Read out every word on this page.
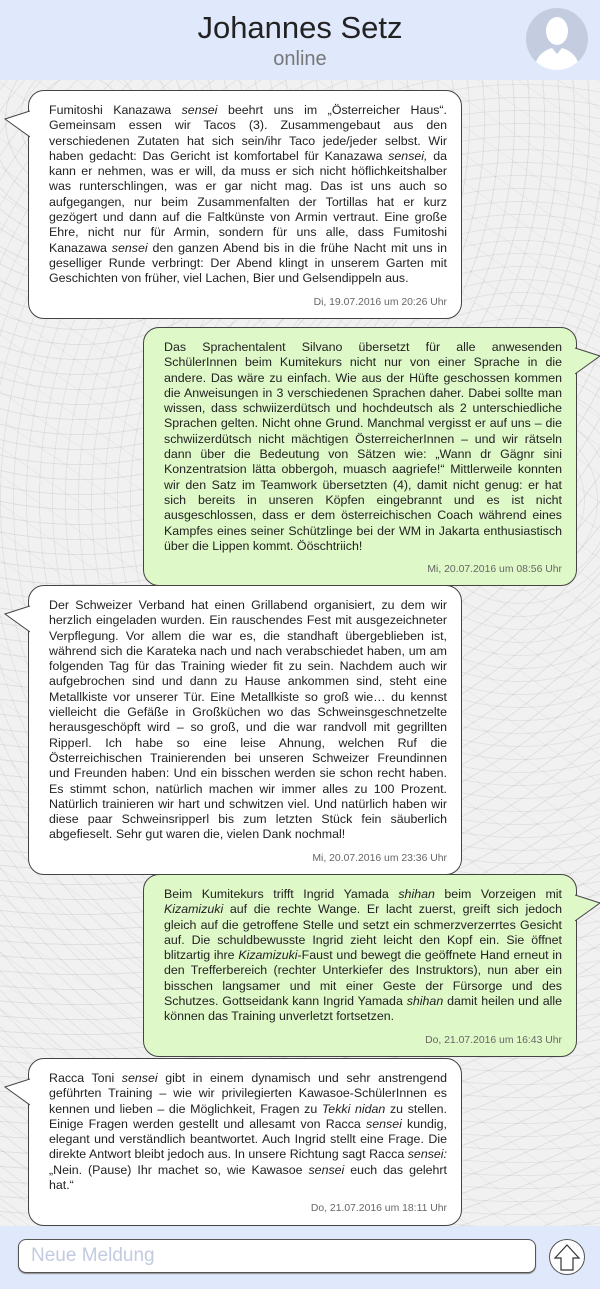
Johannes Setz
online
Fumitoshi Kanazawa sensei beehrt uns im „Österreicher Haus“. Gemeinsam essen wir Tacos (3). Zusammengebaut aus den verschiedenen Zutaten hat sich sein/ihr Taco jede/jeder selbst. Wir haben gedacht: Das Gericht ist komfortabel für Kanazawa sensei, da kann er nehmen, was er will, da muss er sich nicht höflichkeitshalber was runterschlingen, was er gar nicht mag. Das ist uns auch so aufgegangen, nur beim Zusammenfalten der Tortillas hat er kurz gezögert und dann auf die Faltkünste von Armin vertraut. Eine große Ehre, nicht nur für Armin, sondern für uns alle, dass Fumitoshi Kanazawa sensei den ganzen Abend bis in die frühe Nacht mit uns in geselliger Runde verbringt: Der Abend klingt in unserem Garten mit Geschichten von früher, viel Lachen, Bier und Gelsendippeln aus.
Di, 19.07.2016 um 20:26 Uhr
Das Sprachentalent Silvano übersetzt für alle anwesenden SchülerInnen beim Kumitekurs nicht nur von einer Sprache in die andere. Das wäre zu einfach. Wie aus der Hüfte geschossen kommen die Anweisungen in 3 verschiedenen Sprachen daher. Dabei sollte man wissen, dass schwiizerdütsch und hochdeutsch als 2 unterschiedliche Sprachen gelten. Nicht ohne Grund. Manchmal vergisst er auf uns – die schwiizerdütsch nicht mächtigen ÖsterreicherInnen – und wir rätseln dann über die Bedeutung von Sätzen wie: „Wann dr Gägnr sini Konzentratsion lätta obbergoh, muasch aagriefe!“ Mittlerweile konnten wir den Satz im Teamwork übersetzten (4), damit nicht genug: er hat sich bereits in unseren Köpfen eingebrannt und es ist nicht ausgeschlossen, dass er dem österreichischen Coach während eines Kampfes eines seiner Schützlinge bei der WM in Jakarta enthusiastisch über die Lippen kommt. Ööschtriich!
Mi, 20.07.2016 um 08:56 Uhr
Der Schweizer Verband hat einen Grillabend organisiert, zu dem wir herzlich eingeladen wurden. Ein rauschendes Fest mit ausgezeichneter Verpflegung. Vor allem die war es, die standhaft übergeblieben ist, während sich die Karateka nach und nach verabschiedet haben, um am folgenden Tag für das Training wieder fit zu sein. Nachdem auch wir aufgebrochen sind und dann zu Hause ankommen sind, steht eine Metallkiste vor unserer Tür. Eine Metallkiste so groß wie… du kennst vielleicht die Gefäße in Großküchen wo das Schweinsgeschnetzelte herausgeschöpft wird – so groß, und die war randvoll mit gegrillten Ripperl. Ich habe so eine leise Ahnung, welchen Ruf die Österreichischen Trainierenden bei unseren Schweizer Freundinnen und Freunden haben: Und ein bisschen werden sie schon recht haben. Es stimmt schon, natürlich machen wir immer alles zu 100 Prozent. Natürlich trainieren wir hart und schwitzen viel. Und natürlich haben wir diese paar Schweinsripperl bis zum letzten Stück fein säuberlich abgefieselt. Sehr gut waren die, vielen Dank nochmal!
Mi, 20.07.2016 um 23:36 Uhr
Beim Kumitekurs trifft Ingrid Yamada shihan beim Vorzeigen mit Kizamizuki auf die rechte Wange. Er lacht zuerst, greift sich jedoch gleich auf die getroffene Stelle und setzt ein schmerzverzerrtes Gesicht auf. Die schuldbewusste Ingrid zieht leicht den Kopf ein. Sie öffnet blitzartig ihre Kizamizuki-Faust und bewegt die geöffnete Hand erneut in den Trefferbereich (rechter Unterkiefer des Instruktors), nun aber ein bisschen langsamer und mit einer Geste der Fürsorge und des Schutzes. Gottseidank kann Ingrid Yamada shihan damit heilen und alle können das Training unverletzt fortsetzen.
Do, 21.07.2016 um 16:43 Uhr
Racca Toni sensei gibt in einem dynamisch und sehr anstrengend geführten Training – wie wir privilegierten Kawasoe-SchülerInnen es kennen und lieben – die Möglichkeit, Fragen zu Tekki nidan zu stellen. Einige Fragen werden gestellt und allesamt von Racca sensei kundig, elegant und verständlich beantwortet. Auch Ingrid stellt eine Frage. Die direkte Antwort bleibt jedoch aus. In unsere Richtung sagt Racca sensei: „Nein. (Pause) Ihr machet so, wie Kawasoe sensei euch das gelehrt hat.“
Do, 21.07.2016 um 18:11 Uhr
Neue Meldung
